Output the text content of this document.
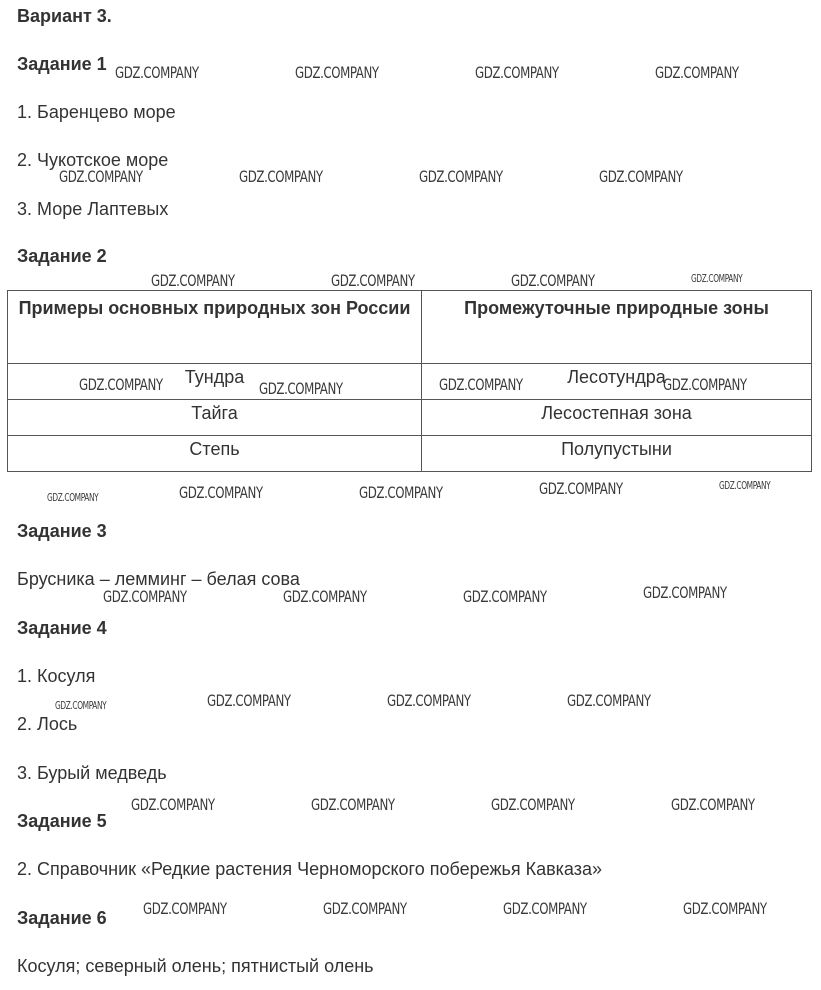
Вариант 3.
Задание 1
1. Баренцево море
2. Чукотское море
3. Море Лаптевых
Задание 2
Примеры основных природных зон России	Промежуточные природные зоны
Тундра	Лесотундра
Тайга	Лесостепная зона
Степь	Полупустыни
Задание 3
Брусника – лемминг – белая сова
Задание 4
1. Косуля
2. Лось
3. Бурый медведь
Задание 5
2. Справочник «Редкие растения Черноморского побережья Кавказа»
Задание 6
Косуля; северный олень; пятнистый олень
GDZ.COMPANY	GDZ.COMPANY	GDZ.COMPANY	GDZ.COMPANY
GDZ.COMPANY	GDZ.COMPANY	GDZ.COMPANY	GDZ.COMPANY
GDZ.COMPANY	GDZ.COMPANY	GDZ.COMPANY	GDZ.COMPANY
GDZ.COMPANY	GDZ.COMPANY	GDZ.COMPANY	GDZ.COMPANY
GDZ.COMPANY	GDZ.COMPANY	GDZ.COMPANY	GDZ.COMPANY	GDZ.COMPANY
GDZ.COMPANY	GDZ.COMPANY	GDZ.COMPANY	GDZ.COMPANY
GDZ.COMPANY	GDZ.COMPANY	GDZ.COMPANY	GDZ.COMPANY
GDZ.COMPANY	GDZ.COMPANY	GDZ.COMPANY	GDZ.COMPANY
GDZ.COMPANY	GDZ.COMPANY	GDZ.COMPANY	GDZ.COMPANY
